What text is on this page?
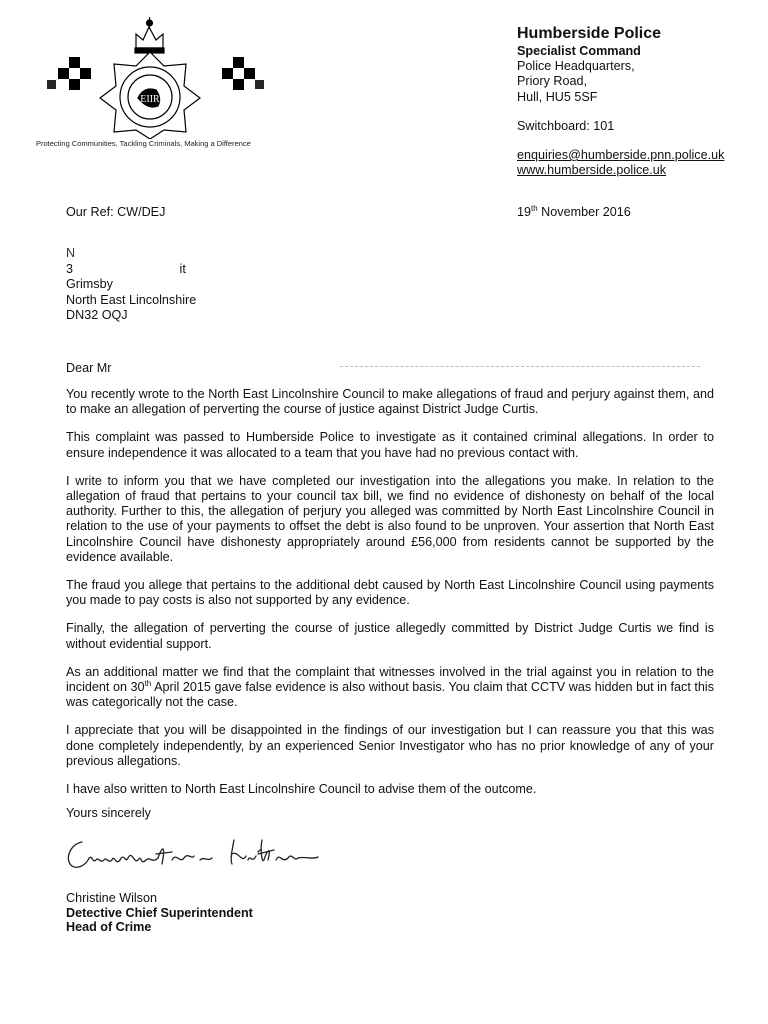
EIIR
Protecting Communities, Tackling Criminals, Making a Difference
Humberside Police
Specialist Command
Police Headquarters,
Priory Road,
Hull, HU5 5SF
Switchboard: 101
enquiries@humberside.pnn.police.uk
www.humberside.police.uk
Our Ref: CW/DEJ	19th November 2016
N
3	it
Grimsby
North East Lincolnshire
DN32 OQJ
Dear Mr

You recently wrote to the North East Lincolnshire Council to make allegations of fraud and perjury against them, and to make an allegation of perverting the course of justice against District Judge Curtis.

This complaint was passed to Humberside Police to investigate as it contained criminal allegations. In order to ensure independence it was allocated to a team that you have had no previous contact with.

I write to inform you that we have completed our investigation into the allegations you make. In relation to the allegation of fraud that pertains to your council tax bill, we find no evidence of dishonesty on behalf of the local authority. Further to this, the allegation of perjury you alleged was committed by North East Lincolnshire Council in relation to the use of your payments to offset the debt is also found to be unproven. Your assertion that North East Lincolnshire Council have dishonesty appropriately around £56,000 from residents cannot be supported by the evidence available.

The fraud you allege that pertains to the additional debt caused by North East Lincolnshire Council using payments you made to pay costs is also not supported by any evidence.

Finally, the allegation of perverting the course of justice allegedly committed by District Judge Curtis we find is without evidential support.

As an additional matter we find that the complaint that witnesses involved in the trial against you in relation to the incident on 30th April 2015 gave false evidence is also without basis. You claim that CCTV was hidden but in fact this was categorically not the case.

I appreciate that you will be disappointed in the findings of our investigation but I can reassure you that this was done completely independently, by an experienced Senior Investigator who has no prior knowledge of any of your previous allegations.

I have also written to North East Lincolnshire Council to advise them of the outcome.

Yours sincerely
Christine Wilson
Detective Chief Superintendent
Head of Crime
